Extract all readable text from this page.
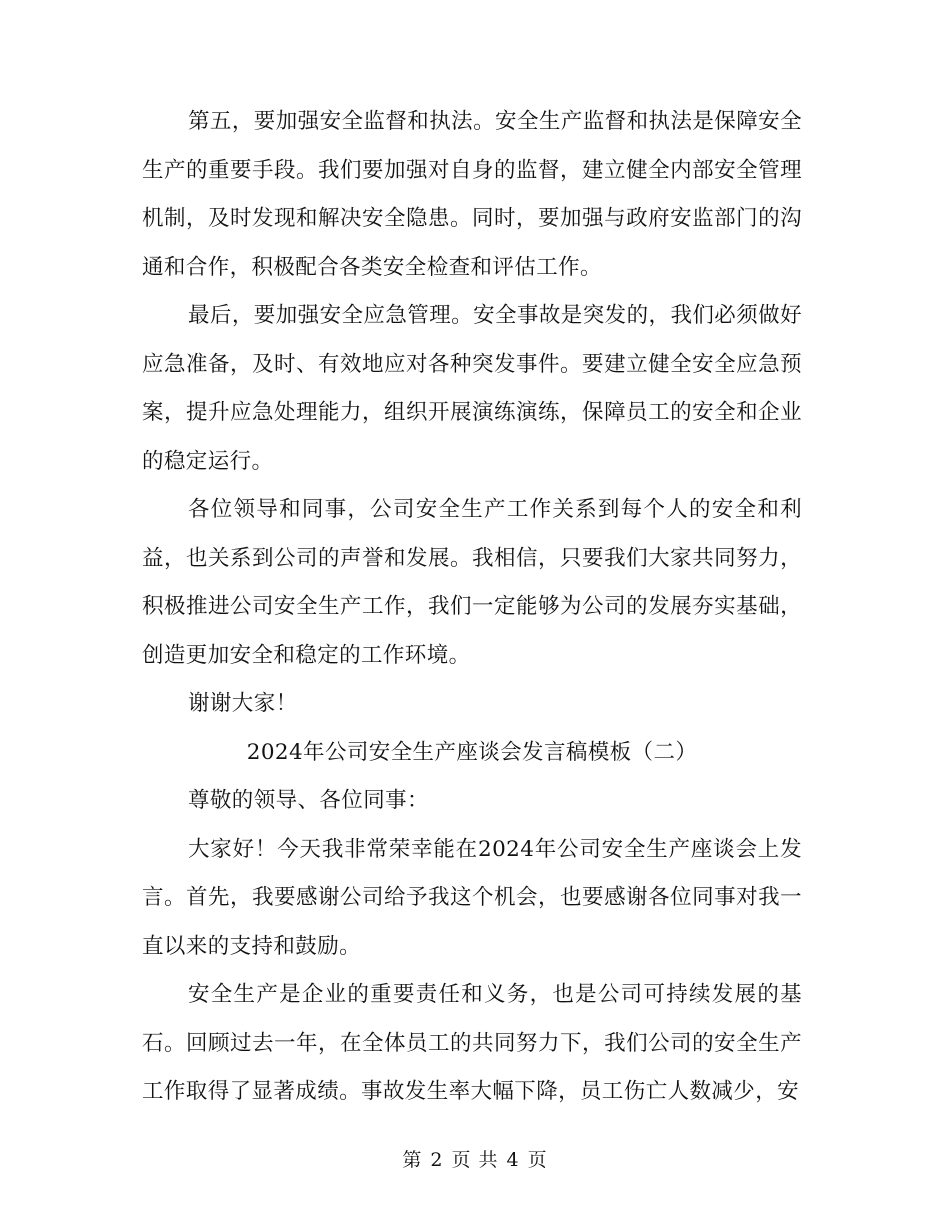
第五，要加强安全监督和执法。安全生产监督和执法是保障安全生产的重要手段。我们要加强对自身的监督，建立健全内部安全管理机制，及时发现和解决安全隐患。同时，要加强与政府安监部门的沟通和合作，积极配合各类安全检查和评估工作。

最后，要加强安全应急管理。安全事故是突发的，我们必须做好应急准备，及时、有效地应对各种突发事件。要建立健全安全应急预案，提升应急处理能力，组织开展演练演练，保障员工的安全和企业的稳定运行。

各位领导和同事，公司安全生产工作关系到每个人的安全和利益，也关系到公司的声誉和发展。我相信，只要我们大家共同努力，积极推进公司安全生产工作，我们一定能够为公司的发展夯实基础，创造更加安全和稳定的工作环境。

谢谢大家！

2024年公司安全生产座谈会发言稿模板（二）

尊敬的领导、各位同事：

大家好！今天我非常荣幸能在2024年公司安全生产座谈会上发言。首先，我要感谢公司给予我这个机会，也要感谢各位同事对我一直以来的支持和鼓励。

安全生产是企业的重要责任和义务，也是公司可持续发展的基石。回顾过去一年，在全体员工的共同努力下，我们公司的安全生产工作取得了显著成绩。事故发生率大幅下降，员工伤亡人数减少，安

第 2 页 共 4 页
